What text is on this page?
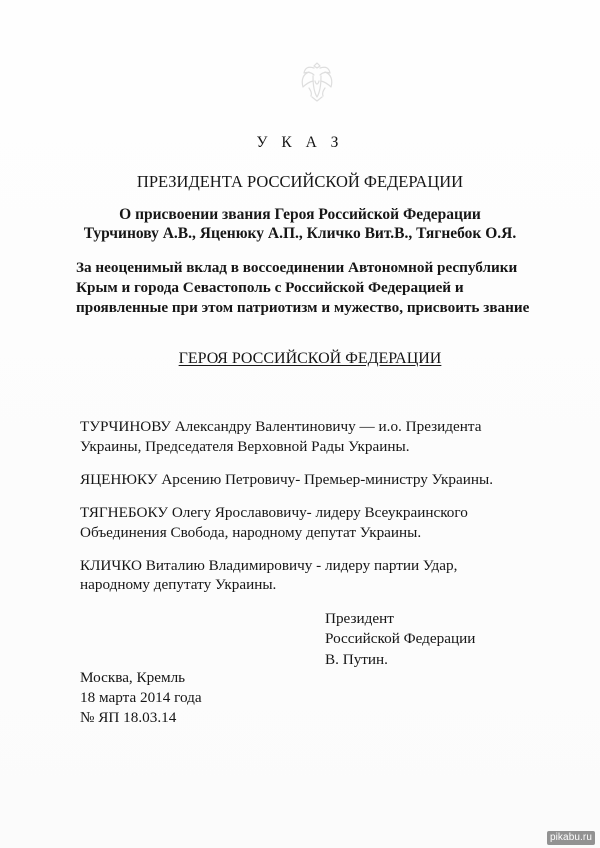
У К А З
ПРЕЗИДЕНТА РОССИЙСКОЙ ФЕДЕРАЦИИ
О присвоении звания Героя Российской Федерации
Турчинову А.В., Яценюку А.П., Кличко Вит.В., Тягнебок О.Я.
За неоценимый вклад в воссоединении Автономной республики
Крым и города Севастополь с Российской Федерацией и
проявленные при этом патриотизм и мужество, присвоить звание
ГЕРОЯ РОССИЙСКОЙ ФЕДЕРАЦИИ
ТУРЧИНОВУ Александру Валентиновичу — и.о. Президента
Украины, Председателя Верховной Рады Украины.
ЯЦЕНЮКУ Арсению Петровичу- Премьер-министру Украины.
ТЯГНЕБОКУ Олегу Ярославовичу- лидеру Всеукраинского
Объединения Свобода, народному депутат Украины.
КЛИЧКО Виталию Владимировичу - лидеру партии Удар,
народному депутату Украины.
Президент
Российской Федерации
В. Путин.
Москва, Кремль
18 марта 2014 года
№ ЯП 18.03.14
pikabu.ru
